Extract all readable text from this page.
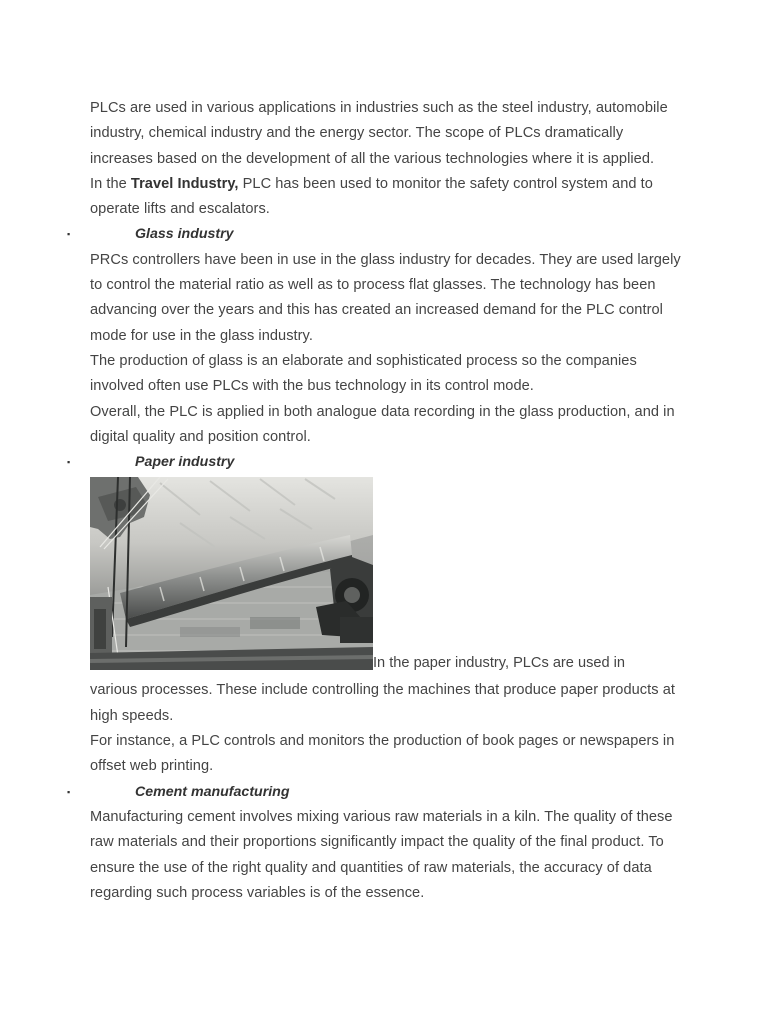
PLCs are used in various applications in industries such as the steel industry, automobile industry, chemical industry and the energy sector. The scope of PLCs dramatically increases based on the development of all the various technologies where it is applied.

In the Travel Industry, PLC has been used to monitor the safety control system and to operate lifts and escalators.

▪	Glass industry

PRCs controllers have been in use in the glass industry for decades. They are used largely to control the material ratio as well as to process flat glasses. The technology has been advancing over the years and this has created an increased demand for the PLC control mode for use in the glass industry.

The production of glass is an elaborate and sophisticated process so the companies involved often use PLCs with the bus technology in its control mode.

Overall, the PLC is applied in both analogue data recording in the glass production, and in digital quality and position control.

▪	Paper industry
In the paper industry, PLCs are used in

various processes. These include controlling the machines that produce paper products at high speeds.

For instance, a PLC controls and monitors the production of book pages or newspapers in offset web printing.

▪	Cement manufacturing

Manufacturing cement involves mixing various raw materials in a kiln. The quality of these raw materials and their proportions significantly impact the quality of the final product. To ensure the use of the right quality and quantities of raw materials, the accuracy of data regarding such process variables is of the essence.
